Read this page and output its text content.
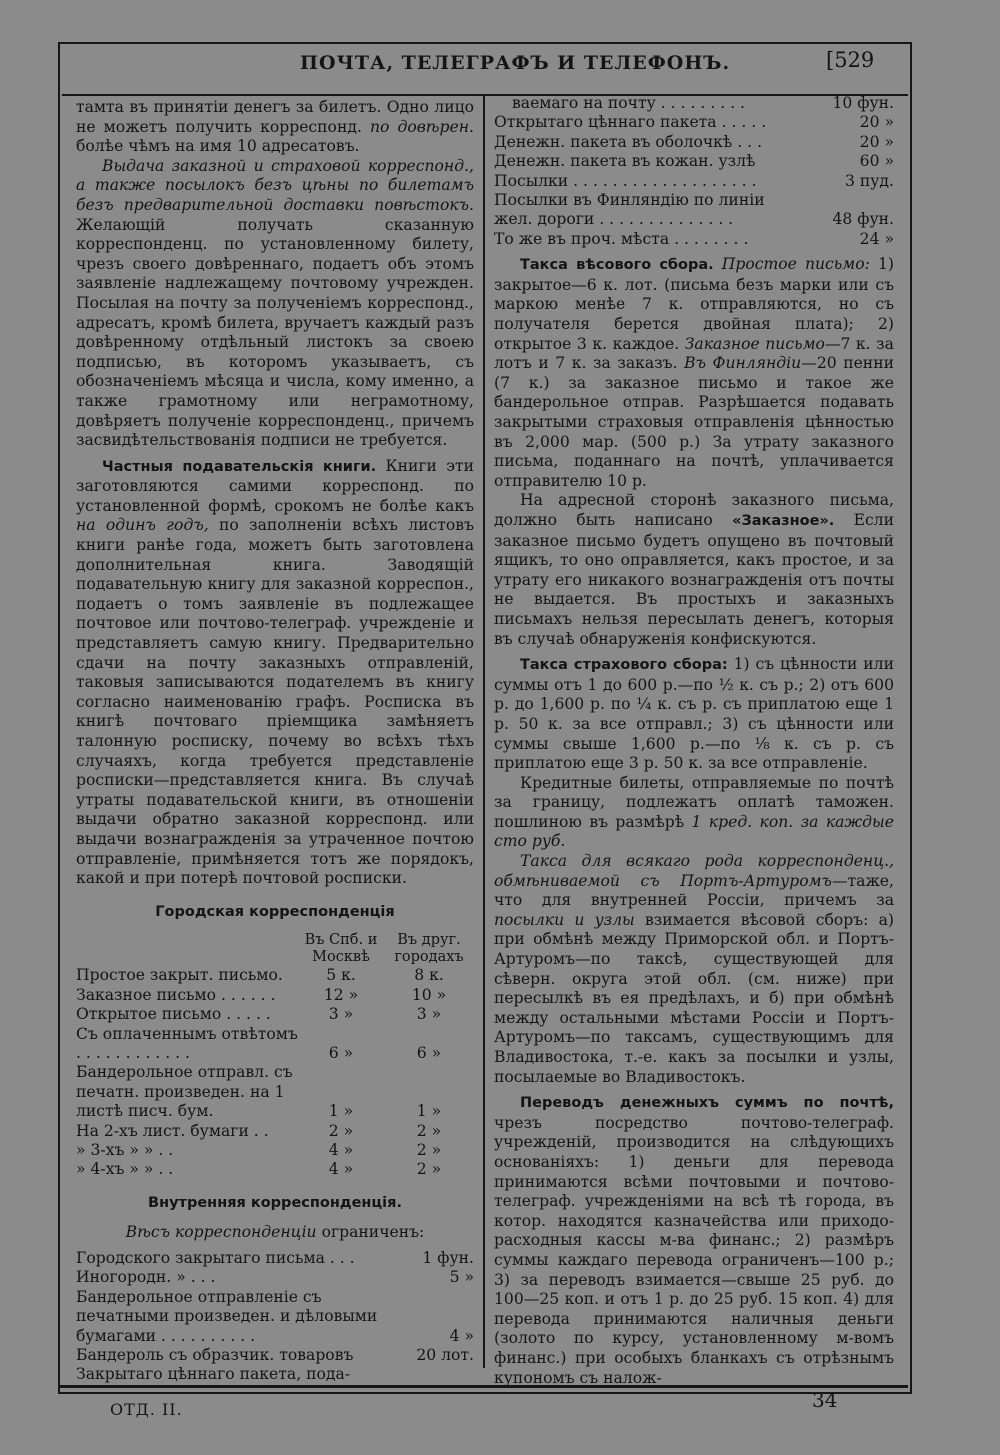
ПОЧТА, ТЕЛЕГРАФЪ И ТЕЛЕФОНЪ.	[529

тамта въ принятіи денегъ за билетъ. Одно лицо не можетъ получить корреспонд. по довѣрен. болѣе чѣмъ на имя 10 адресатовъ.

Выдача заказной и страховой корреспонд., а также посылокъ безъ цѣны по билетамъ безъ предварительной доставки повѣстокъ. Желающій получать сказанную корреспонденц. по установленному билету, чрезъ своего довѣреннаго, подаетъ объ этомъ заявленіе надлежащему почтовому учрежден. Посылая на почту за полученіемъ корреспонд., адресатъ, кромѣ билета, вручаетъ каждый разъ довѣренному отдѣльный листокъ за своею подписью, въ которомъ указываетъ, съ обозначеніемъ мѣсяца и числа, кому именно, а также грамотному или неграмотному, довѣряетъ полученіе корреспонденц., причемъ засвидѣтельствованія подписи не требуется.

Частныя подавательскія книги. Книги эти заготовляются самими корреспонд. по установленной формѣ, срокомъ не болѣе какъ на одинъ годъ, по заполненіи всѣхъ листовъ книги ранѣе года, можетъ быть заготовлена дополнительная книга. Заводящій подавательную книгу для заказной корреспон., подаетъ о томъ заявленіе въ подлежащее почтовое или почтово-телеграф. учрежденіе и представляетъ самую книгу. Предварительно сдачи на почту заказныхъ отправленій, таковыя записываются подателемъ въ книгу согласно наименованію графъ. Росписка въ книгѣ почтоваго пріемщика замѣняетъ талонную росписку, почему во всѣхъ тѣхъ случаяхъ, когда требуется представленіе росписки—представляется книга. Въ случаѣ утраты подавательской книги, въ отношеніи выдачи обратно заказной корреспонд. или выдачи вознагражденія за утраченное почтою отправленіе, примѣняется тотъ же порядокъ, какой и при потерѣ почтовой росписки.

Городская корреспонденція

	Въ Спб. и Москвѣ	Въ друг. городахъ
Простое закрыт. письмо.	5 к.	8 к.
Заказное письмо . . . . . .	12 »	10 »
Открытое письмо . . . . .	3 »	3 »
Съ оплаченнымъ отвѣтомъ . . . . . . . . . . . .	6 »	6 »
Бандерольное отправл. съ печатн. произведен. на 1 листѣ писч. бум.	1 »	1 »
На 2-хъ лист. бумаги . .	2 »	2 »
» 3-хъ » » . .	4 »	2 »
» 4-хъ » » . .	4 »	2 »

Внутренняя корреспонденція.

Вѣсъ корреспонденціи ограниченъ:

Городского закрытаго письма . . .	1 фун.
Иногородн. » . . .	5 »
Бандерольное отправленіе съ печатными произведен. и дѣловыми бумагами . . . . . . . . . .	4 »
Бандероль съ образчик. товаровъ	20 лот.
Закрытаго цѣннаго пакета, пода-	
ваемаго на почту . . . . . . . . .	10 фун.
Открытаго цѣннаго пакета . . . . .	20 »
Денежн. пакета въ оболочкѣ . . .	20 »
Денежн. пакета въ кожан. узлѣ	60 »
Посылки . . . . . . . . . . . . . . . . . . .	3 пуд.
Посылки въ Финляндію по линіи жел. дороги . . . . . . . . . . . . . .	48 фун.
То же въ проч. мѣста . . . . . . . .	24 »

Такса вѣсового сбора. Простое письмо: 1) закрытое—6 к. лот. (письма безъ марки или съ маркою менѣе 7 к. отправляются, но съ получателя берется двойная плата); 2) открытое 3 к. каждое. Заказное письмо—7 к. за лотъ и 7 к. за заказъ. Въ Финляндіи—20 пенни (7 к.) за заказное письмо и такое же бандерольное отправ. Разрѣшается подавать закрытыми страховыя отправленія цѣнностью въ 2,000 мар. (500 р.) За утрату заказного письма, поданнаго на почтѣ, уплачивается отправителю 10 р.

На адресной сторонѣ заказного письма, должно быть написано «Заказное». Если заказное письмо будетъ опущено въ почтовый ящикъ, то оно оправляется, какъ простое, и за утрату его никакого вознагражденія отъ почты не выдается. Въ простыхъ и заказныхъ письмахъ нельзя пересылать денегъ, которыя въ случаѣ обнаруженія конфискуются.

Такса страхового сбора: 1) съ цѣнности или суммы отъ 1 до 600 р.—по ½ к. съ р.; 2) отъ 600 р. до 1,600 р. по ¼ к. съ р. съ приплатою еще 1 р. 50 к. за все отправл.; 3) съ цѣнности или суммы свыше 1,600 р.—по ⅛ к. съ р. съ приплатою еще 3 р. 50 к. за все отправленіе.

Кредитные билеты, отправляемые по почтѣ за границу, подлежатъ оплатѣ таможен. пошлиною въ размѣрѣ 1 кред. коп. за каждые сто руб.

Такса для всякаго рода корреспонденц., обмѣниваемой съ Портъ-Артуромъ—таже, что для внутренней Россіи, причемъ за посылки и узлы взимается вѣсовой сборъ: а) при обмѣнѣ между Приморской обл. и Портъ-Артуромъ—по таксѣ, существующей для сѣверн. округа этой обл. (см. ниже) при пересылкѣ въ ея предѣлахъ, и б) при обмѣнѣ между остальными мѣстами Россіи и Портъ-Артуромъ—по таксамъ, существующимъ для Владивостока, т.-е. какъ за посылки и узлы, посылаемые во Владивостокъ.

Переводъ денежныхъ суммъ по почтѣ, чрезъ посредство почтово-телеграф. учрежденій, производится на слѣдующихъ основаніяхъ: 1) деньги для перевода принимаются всѣми почтовыми и почтово-телеграф. учрежденіями на всѣ тѣ города, въ котор. находятся казначейства или приходо-расходныя кассы м-ва финанс.; 2) размѣръ суммы каждаго перевода ограниченъ—100 р.; 3) за переводъ взимается—свыше 25 руб. до 100—25 коп. и отъ 1 р. до 25 руб. 15 коп. 4) для перевода принимаются наличныя деньги (золото по курсу, установленному м-вомъ финанс.) при особыхъ бланкахъ съ отрѣзнымъ купономъ съ налож-

ОТД. II.	34
